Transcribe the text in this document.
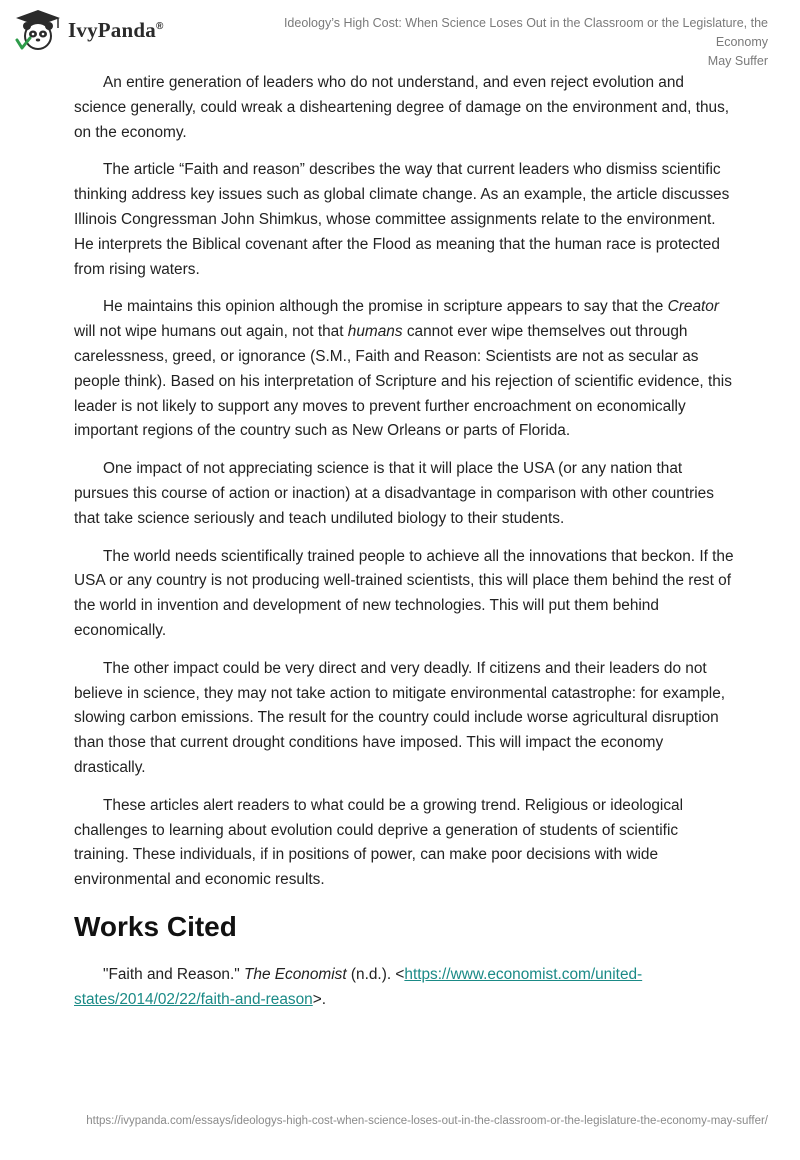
IvyPanda®	Ideology’s High Cost: When Science Loses Out in the Classroom or the Legislature, the Economy
May Suffer

An entire generation of leaders who do not understand, and even reject evolution and science generally, could wreak a disheartening degree of damage on the environment and, thus, on the economy.

The article “Faith and reason” describes the way that current leaders who dismiss scientific thinking address key issues such as global climate change. As an example, the article discusses Illinois Congressman John Shimkus, whose committee assignments relate to the environment. He interprets the Biblical covenant after the Flood as meaning that the human race is protected from rising waters.

He maintains this opinion although the promise in scripture appears to say that the Creator will not wipe humans out again, not that humans cannot ever wipe themselves out through carelessness, greed, or ignorance (S.M., Faith and Reason: Scientists are not as secular as people think). Based on his interpretation of Scripture and his rejection of scientific evidence, this leader is not likely to support any moves to prevent further encroachment on economically important regions of the country such as New Orleans or parts of Florida.

One impact of not appreciating science is that it will place the USA (or any nation that pursues this course of action or inaction) at a disadvantage in comparison with other countries that take science seriously and teach undiluted biology to their students.

The world needs scientifically trained people to achieve all the innovations that beckon. If the USA or any country is not producing well-trained scientists, this will place them behind the rest of the world in invention and development of new technologies. This will put them behind economically.

The other impact could be very direct and very deadly. If citizens and their leaders do not believe in science, they may not take action to mitigate environmental catastrophe: for example, slowing carbon emissions. The result for the country could include worse agricultural disruption than those that current drought conditions have imposed. This will impact the economy drastically.

These articles alert readers to what could be a growing trend. Religious or ideological challenges to learning about evolution could deprive a generation of students of scientific training. These individuals, if in positions of power, can make poor decisions with wide environmental and economic results.

Works Cited

"Faith and Reason." The Economist (n.d.). <https://www.economist.com/united-states/2014/02/22/faith-and-reason>.

https://ivypanda.com/essays/ideologys-high-cost-when-science-loses-out-in-the-classroom-or-the-legislature-the-economy-may-suffer/
